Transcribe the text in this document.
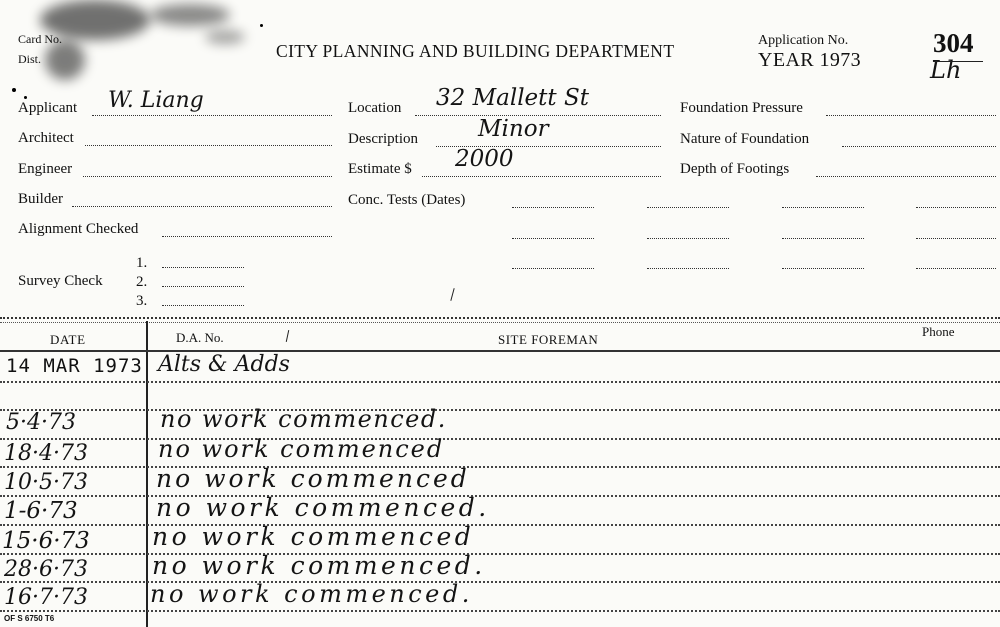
Card No.
Dist.	CITY PLANNING AND BUILDING DEPARTMENT
Application No.
YEAR 1973
304
Lh
Applicant W. Liang
Architect
Engineer
Builder
Alignment Checked
Survey Check
1.
2.
3.
Location 32 Mallett St
Description	Minor
Estimate $ 2000
Conc. Tests (Dates)
Foundation Pressure
Nature of Foundation
Depth of Footings
DATE	D.A. No.	SITE FOREMAN
Phone
14 MAR 1973 Alts & Adds
5·4·73	no work commenced.
18·4·73	no work commenced
10·5·73	no work commenced
1-6·73	no work commenced.
15·6·73 no work commenced
28·6·73	no work commenced.
16·7·73	no work commenced.
OF S 6750 T6
